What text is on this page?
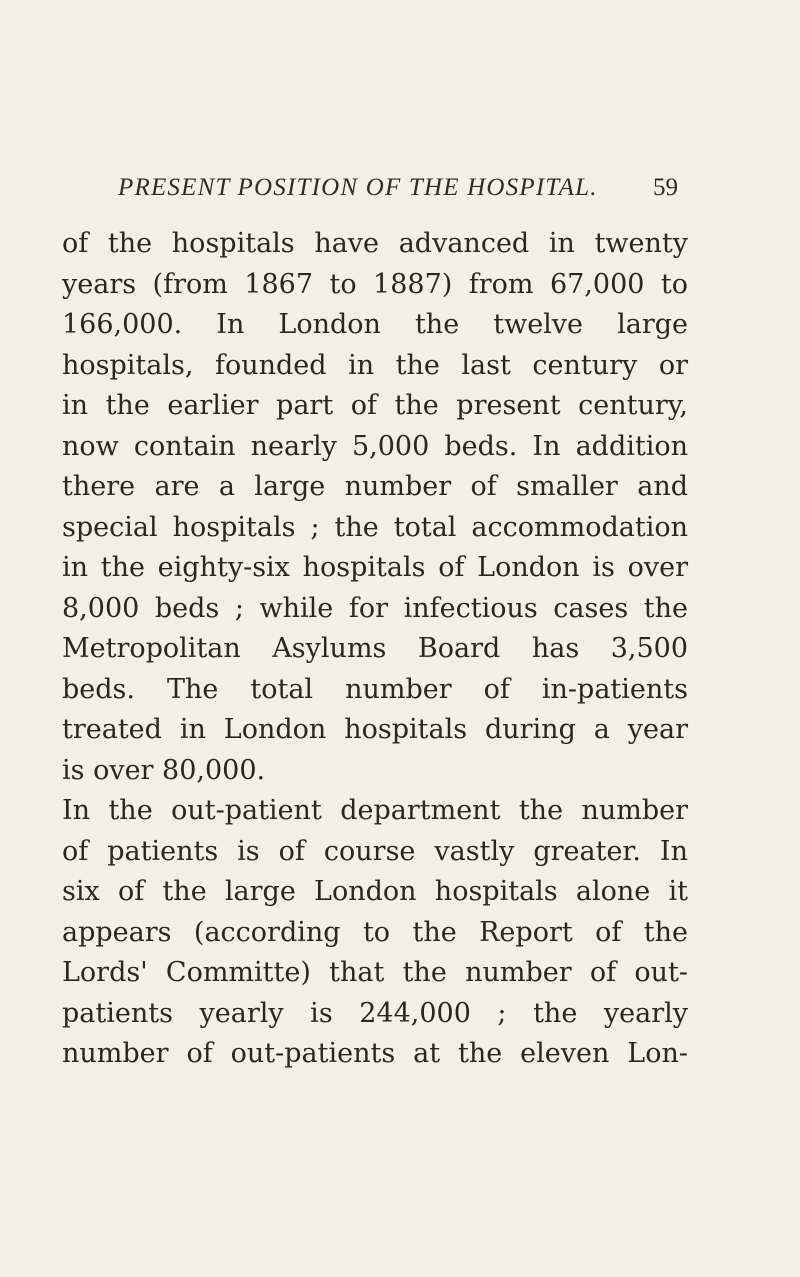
PRESENT POSITION OF THE HOSPITAL. 59
of the hospitals have advanced in twenty
years (from 1867 to 1887) from 67,000 to
166,000. In London the twelve large
hospitals, founded in the last century or
in the earlier part of the present century,
now contain nearly 5,000 beds. In addition
there are a large number of smaller and
special hospitals ; the total accommodation
in the eighty-six hospitals of London is over
8,000 beds ; while for infectious cases the
Metropolitan Asylums Board has 3,500
beds. The total number of in-patients
treated in London hospitals during a year
is over 80,000.
In the out-patient department the number
of patients is of course vastly greater. In
six of the large London hospitals alone it
appears (according to the Report of the
Lords' Committe) that the number of out-
patients yearly is 244,000 ; the yearly
number of out-patients at the eleven Lon-
